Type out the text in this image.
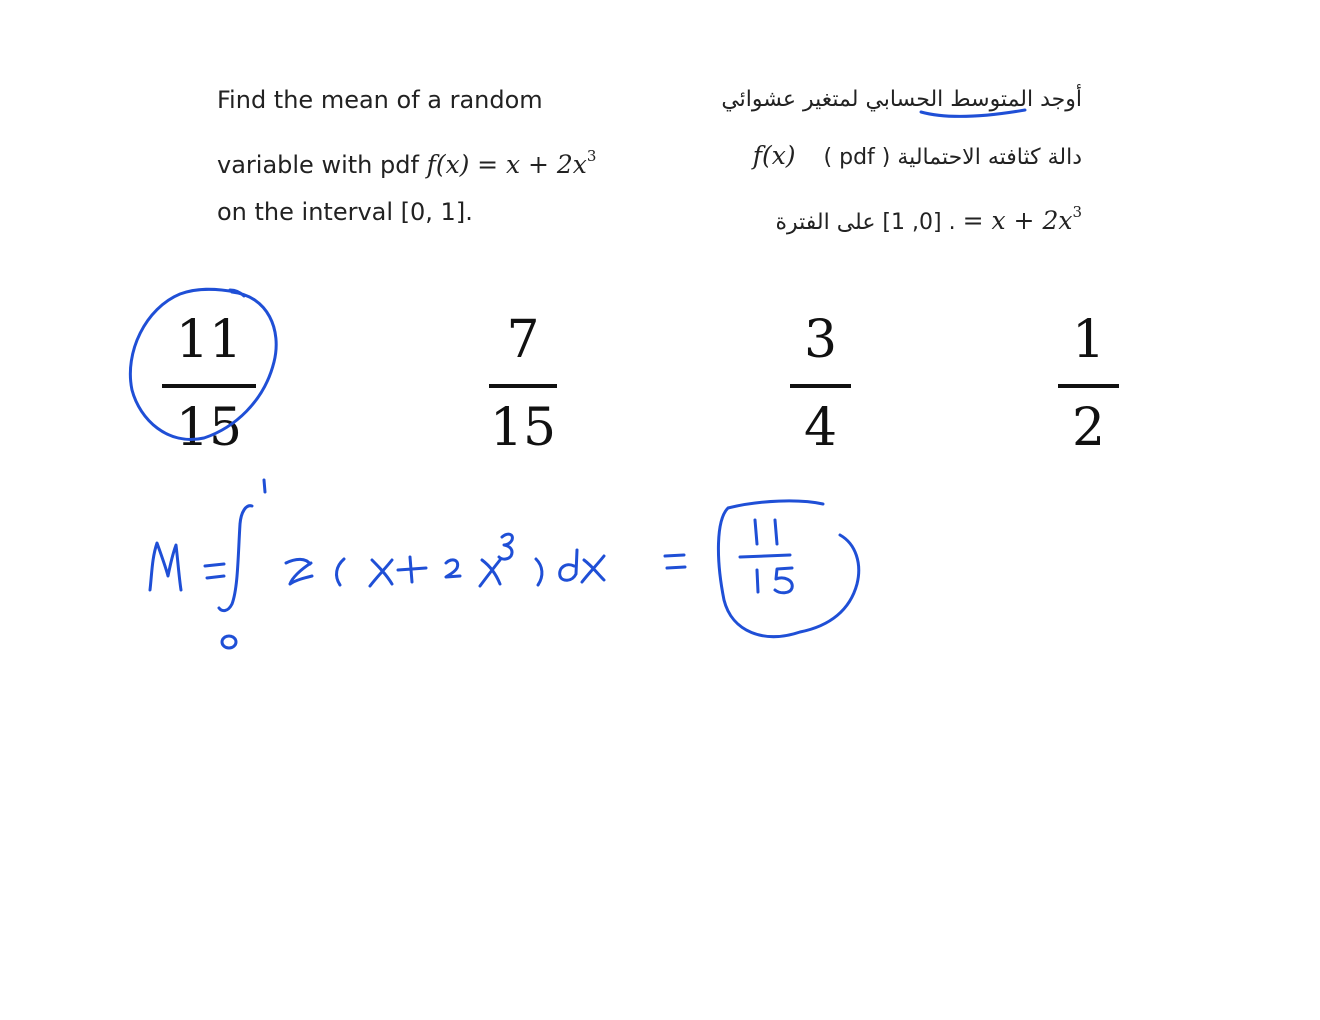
Find the mean of a random
variable with pdf $f(x) = x + 2x^3$
on the interval [0, 1].
أوجد المتوسط الحسابي لمتغير عشوائي
f(x) دالة كثافته الاحتمالية ( pdf )
. [0, 1] على الفترة = $x + 2x^3$
11
15
7
15
3
4
1
2
